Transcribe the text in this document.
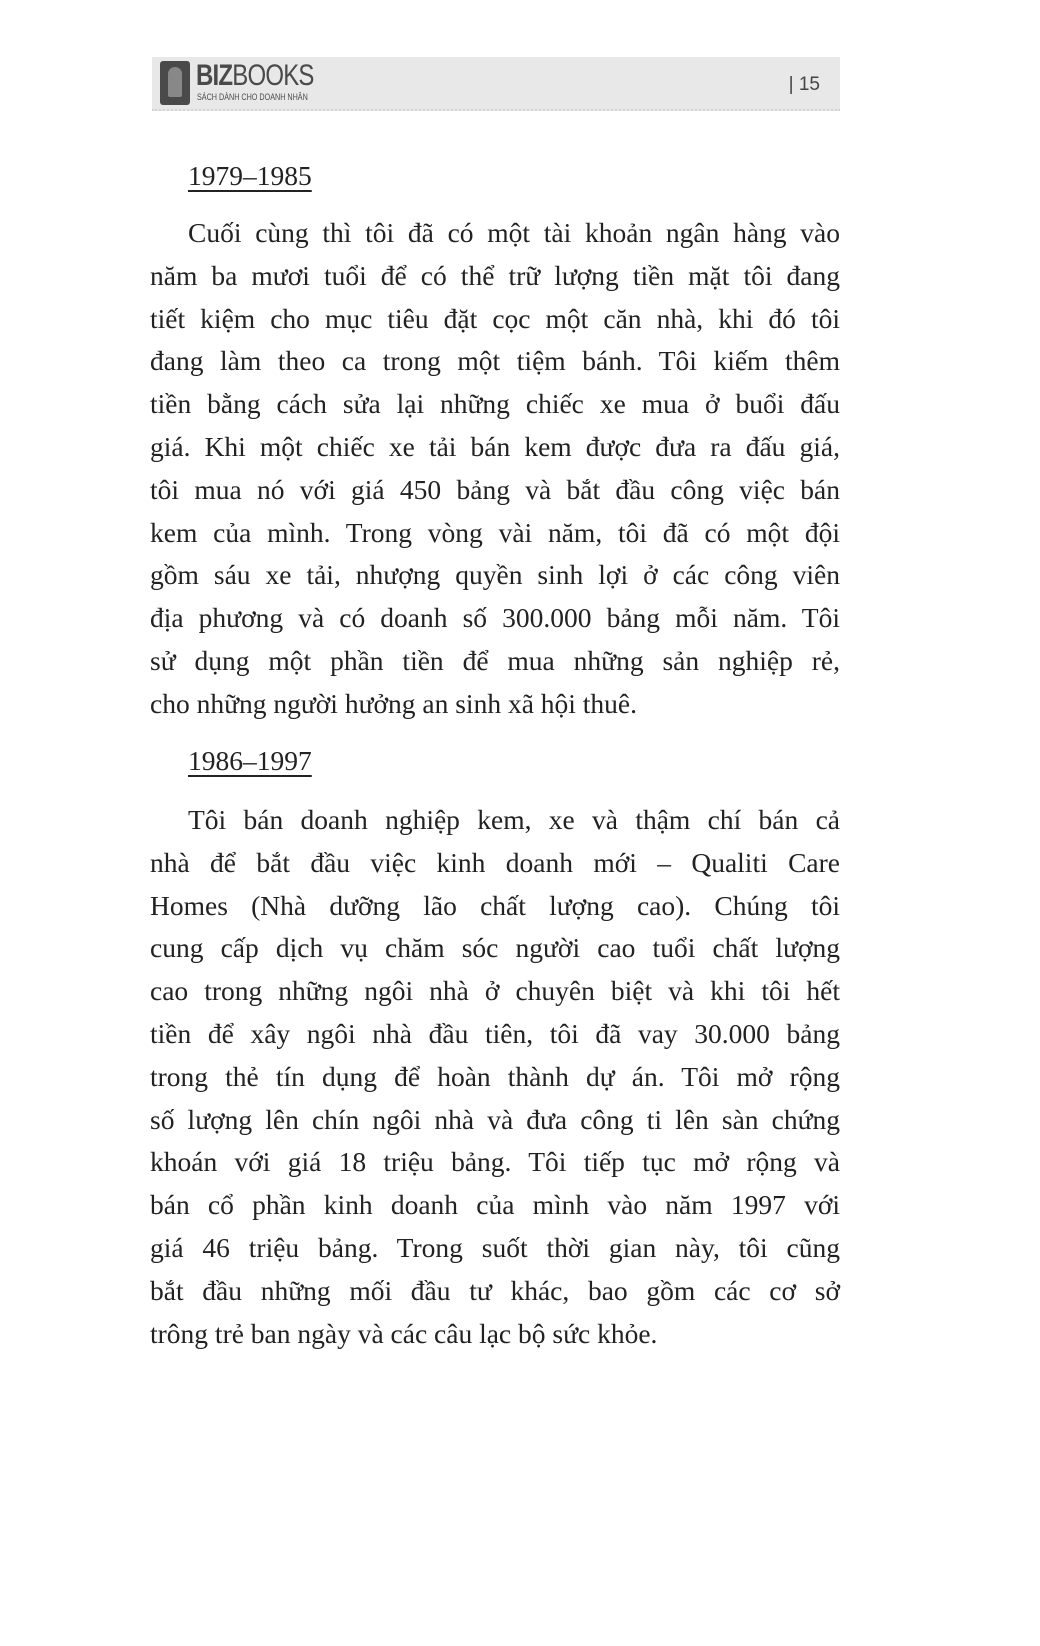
BIZBOOKS
SÁCH DÀNH CHO DOANH NHÂN
| 15
1979–1985
Cuối cùng thì tôi đã có một tài khoản ngân hàng vào
năm ba mươi tuổi để có thể trữ lượng tiền mặt tôi đang
tiết kiệm cho mục tiêu đặt cọc một căn nhà, khi đó tôi
đang làm theo ca trong một tiệm bánh. Tôi kiếm thêm
tiền bằng cách sửa lại những chiếc xe mua ở buổi đấu
giá. Khi một chiếc xe tải bán kem được đưa ra đấu giá,
tôi mua nó với giá 450 bảng và bắt đầu công việc bán
kem của mình. Trong vòng vài năm, tôi đã có một đội
gồm sáu xe tải, nhượng quyền sinh lợi ở các công viên
địa phương và có doanh số 300.000 bảng mỗi năm. Tôi
sử dụng một phần tiền để mua những sản nghiệp rẻ,
cho những người hưởng an sinh xã hội thuê.
1986–1997
Tôi bán doanh nghiệp kem, xe và thậm chí bán cả
nhà để bắt đầu việc kinh doanh mới – Qualiti Care
Homes (Nhà dưỡng lão chất lượng cao). Chúng tôi
cung cấp dịch vụ chăm sóc người cao tuổi chất lượng
cao trong những ngôi nhà ở chuyên biệt và khi tôi hết
tiền để xây ngôi nhà đầu tiên, tôi đã vay 30.000 bảng
trong thẻ tín dụng để hoàn thành dự án. Tôi mở rộng
số lượng lên chín ngôi nhà và đưa công ti lên sàn chứng
khoán với giá 18 triệu bảng. Tôi tiếp tục mở rộng và
bán cổ phần kinh doanh của mình vào năm 1997 với
giá 46 triệu bảng. Trong suốt thời gian này, tôi cũng
bắt đầu những mối đầu tư khác, bao gồm các cơ sở
trông trẻ ban ngày và các câu lạc bộ sức khỏe.
